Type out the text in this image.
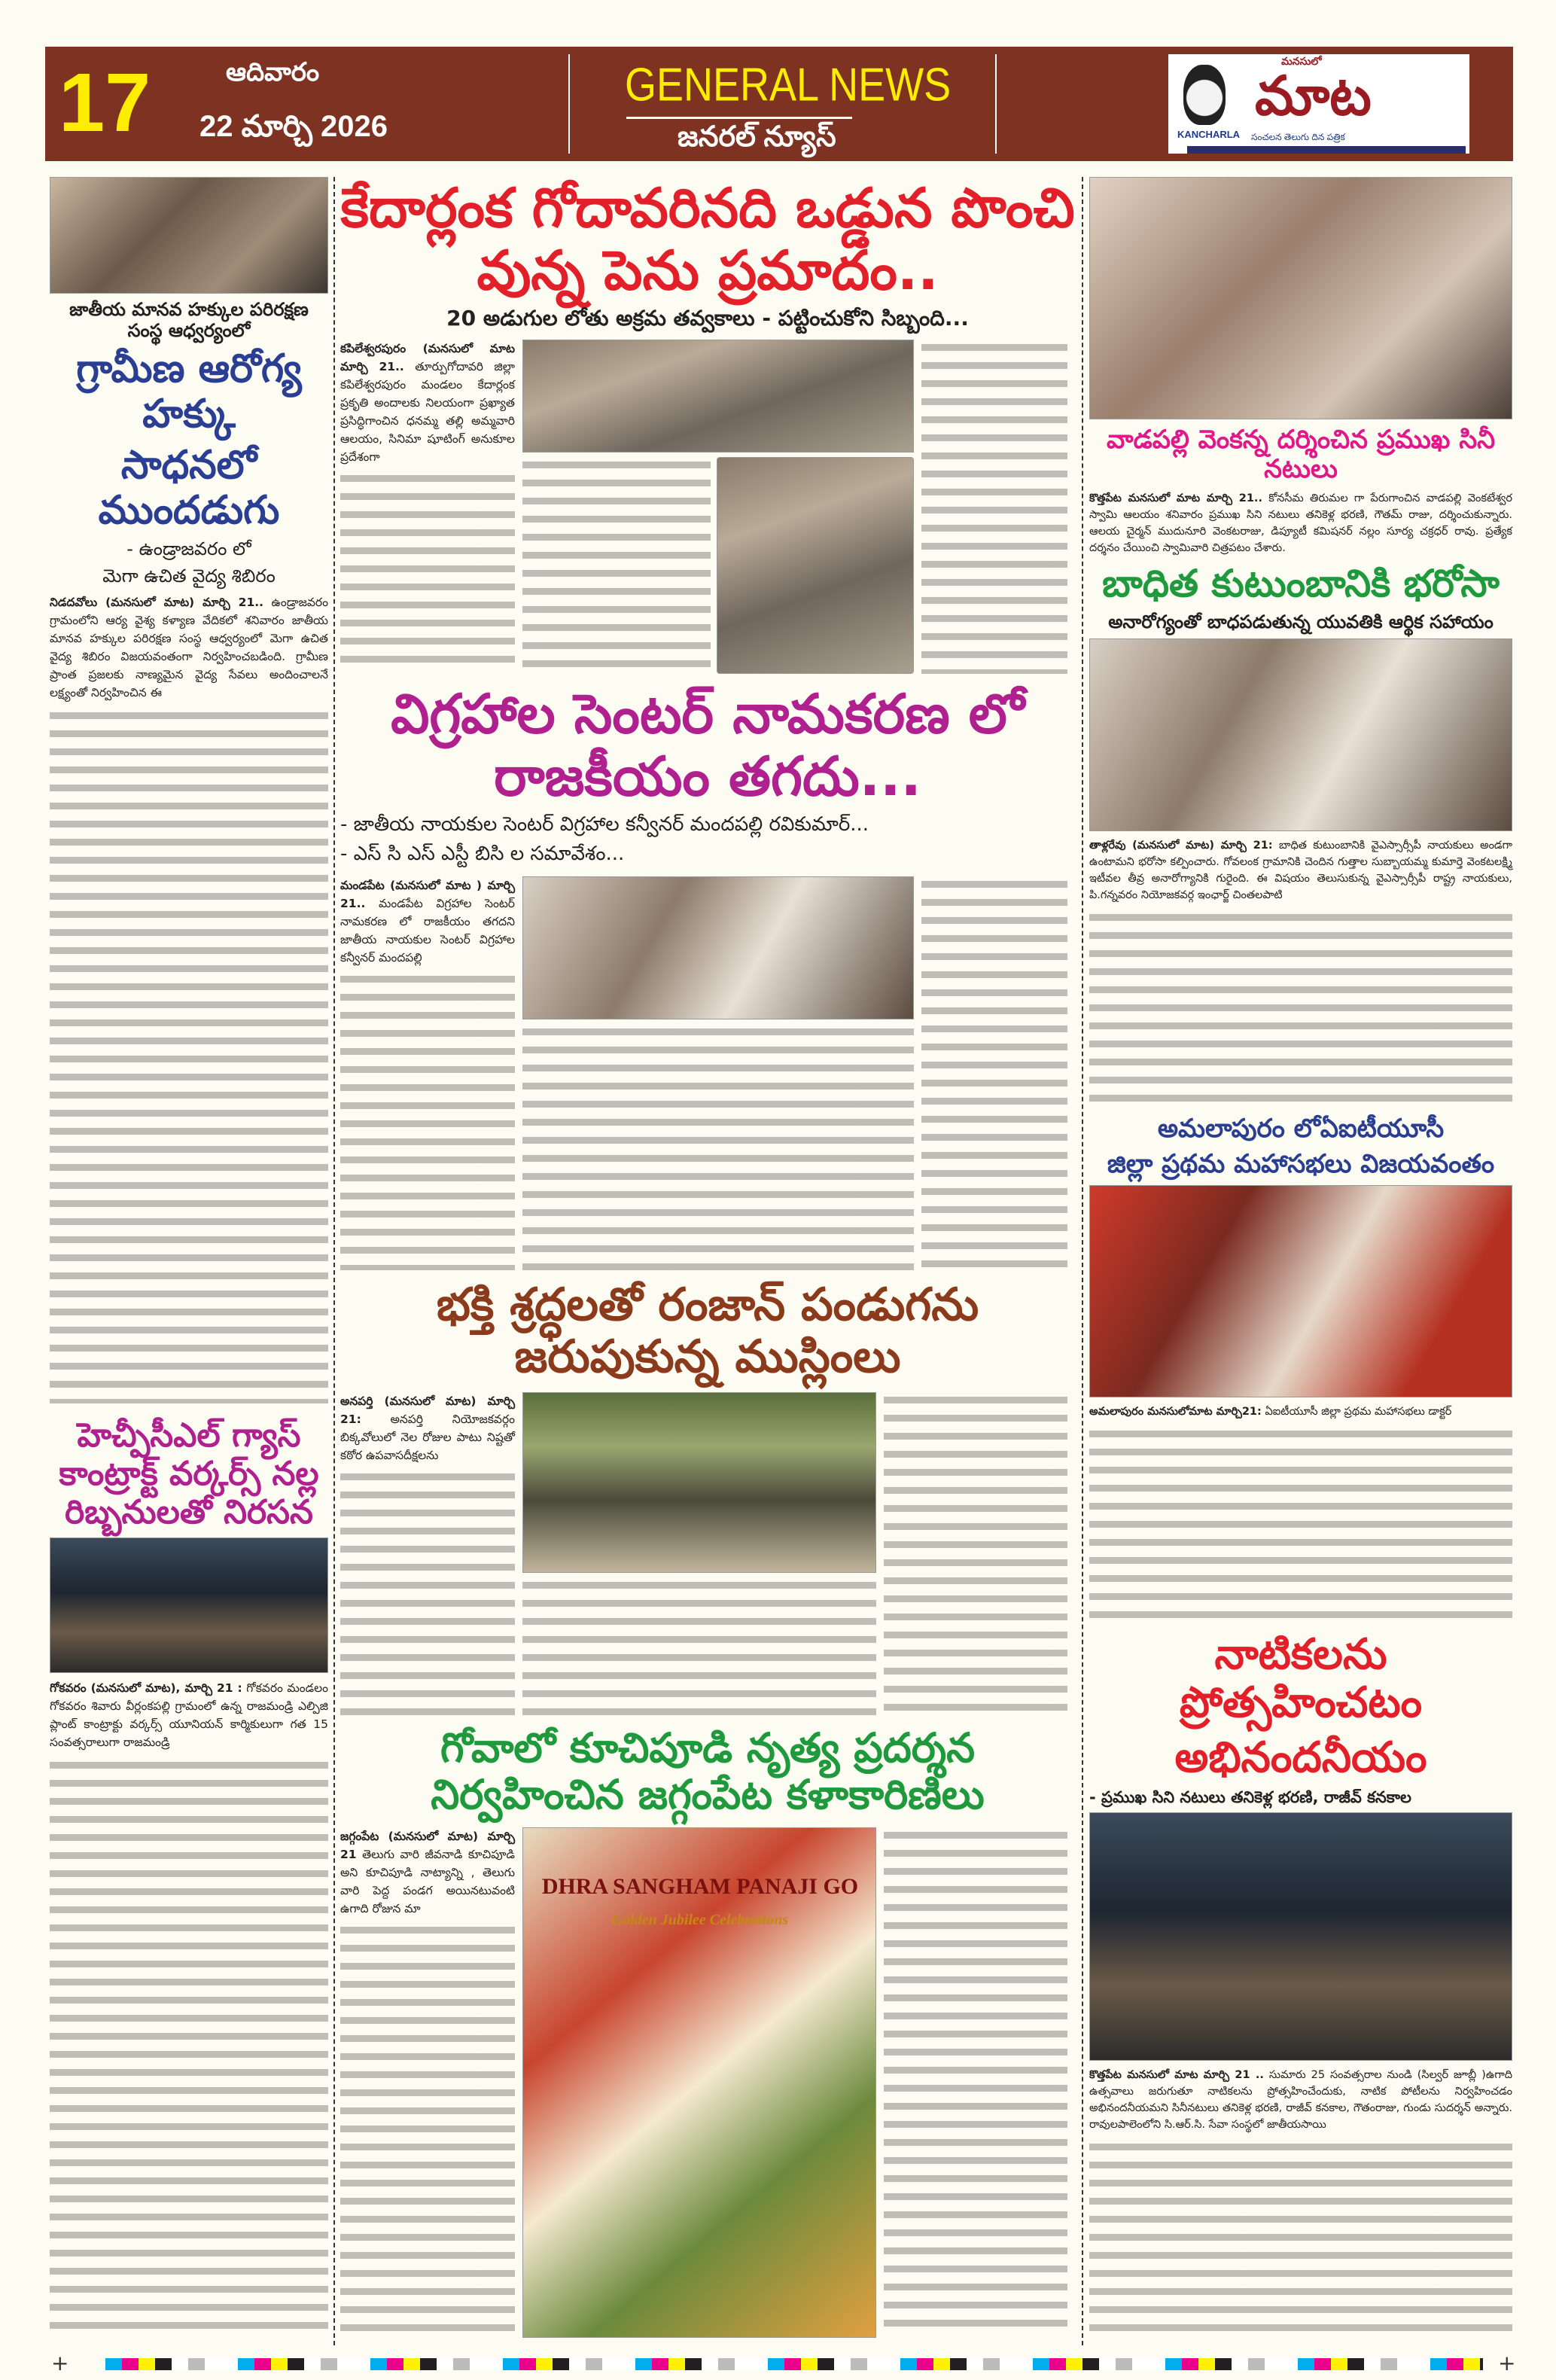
17	ఆదివారం
22 మార్చి 2026
GENERAL NEWS
జనరల్ న్యూస్	KANCHARLA
మనసులో
మాట
సంచలన తెలుగు దిన పత్రిక
జాతీయ మానవ హక్కుల పరిరక్షణ సంస్థ ఆధ్వర్యంలో
గ్రామీణ ఆరోగ్య హక్కు
సాధనలో ముందడుగు
- ఉండ్రాజవరం లో
మెగా ఉచిత వైద్య శిబిరం
నిడదవోలు (మనసులో మాట) మార్చి 21.. ఉండ్రాజవరం గ్రామంలోని ఆర్య వైశ్య కళ్యాణ వేదికలో శనివారం జాతీయ మానవ హక్కుల పరిరక్షణ సంస్థ ఆధ్వర్యంలో మెగా ఉచిత వైద్య శిబిరం విజయవంతంగా నిర్వహించబడింది. గ్రామీణ ప్రాంత ప్రజలకు నాణ్యమైన వైద్య సేవలు అందించాలనే లక్ష్యంతో నిర్వహించిన ఈ
హెచ్పీసీఎల్ గ్యాస్ కాంట్రాక్ట్ వర్కర్స్ నల్ల రిబ్బనులతో నిరసన
గోకవరం (మనసులో మాట), మార్చి 21 : గోకవరం మండలం గోకవరం శివారు వీర్లంకపల్లి గ్రామంలో ఉన్న రాజమండ్రి ఎల్పిజి ప్లాంట్ కాంట్రాక్టు వర్కర్స్ యూనియన్ కార్మికులుగా గత 15 సంవత్సరాలుగా రాజమండ్రి
కేదార్లంక గోదావరినది ఒడ్డున పొంచి వున్న పెను ప్రమాదం..
20 అడుగుల లోతు అక్రమ తవ్వకాలు - పట్టించుకోని సిబ్బంది...
కపిలేశ్వరపురం (మనసులో మాట మార్చి 21.. తూర్పుగోదావరి జిల్లా కపిలేశ్వరపురం మండలం కేదార్లంక ప్రకృతి అందాలకు నిలయంగా ప్రఖ్యాత ప్రసిద్ధిగాంచిన ధనమ్మ తల్లి అమ్మవారి ఆలయం, సినిమా షూటింగ్ అనుకూల ప్రదేశంగా
విగ్రహాల సెంటర్ నామకరణ లో రాజకీయం తగదు...
- జాతీయ నాయకుల సెంటర్ విగ్రహాల కన్వీనర్ మందపల్లి రవికుమార్...
- ఎస్ సి ఎస్ ఎస్టీ బిసి ల సమావేశం...
మండపేట (మనసులో మాట ) మార్చి 21.. మండపేట విగ్రహాల సెంటర్ నామకరణ లో రాజకీయం తగదని జాతీయ నాయకుల సెంటర్ విగ్రహాల కన్వీనర్ మందపల్లి
భక్తి శ్రద్ధలతో రంజాన్ పండుగను జరుపుకున్న ముస్లింలు
అనపర్తి (మనసులో మాట) మార్చి 21: అనపర్తి నియోజకవర్గం బిక్కవోలులో నెల రోజుల పాటు నిష్టతో కఠోర ఉపవాసదీక్షలను
గోవాలో కూచిపూడి నృత్య ప్రదర్శన నిర్వహించిన జగ్గంపేట కళాకారిణిలు
జగ్గంపేట (మనసులో మాట) మార్చి 21 తెలుగు వారి జీవనాడి కూచిపూడి అని కూచిపూడి నాట్యాన్ని , తెలుగు వారి పెద్ద పండగ అయినటువంటి ఉగాది రోజున మా
DHRA SANGHAM PANAJI GO
Golden Jubilee Celebrations
వాడపల్లి వెంకన్న దర్శించిన ప్రముఖ సినీ నటులు
కొత్తపేట మనసులో మాట మార్చి 21.. కోనసీమ తిరుమల గా పేరుగాంచిన వాడపల్లి వెంకటేశ్వర స్వామి ఆలయం శనివారం ప్రముఖ సిని నటులు తనికెళ్ల భరణి, గౌతమ్ రాజు, దర్శించుకున్నారు. ఆలయ చైర్మన్ ముదునూరి వెంకటరాజు, డిప్యూటీ కమిషనర్ నల్లం సూర్య చక్రధర్ రావు. ప్రత్యేక దర్శనం చేయించి స్వామివారి చిత్రపటం చేశారు.
బాధిత కుటుంబానికి భరోసా
అనారోగ్యంతో బాధపడుతున్న యువతికి ఆర్థిక సహాయం
తాళ్లరేవు (మనసులో మాట) మార్చి 21: బాధిత కుటుంబానికి వైఎస్సార్సీపీ నాయకులు అండగా ఉంటామని భరోసా కల్పించారు. గోవలంక గ్రామానికి చెందిన గుత్తాల సుబ్బాయమ్మ కుమార్తె వెంకటలక్ష్మి ఇటీవల తీవ్ర అనారోగ్యానికి గురైంది. ఈ విషయం తెలుసుకున్న వైఎస్సార్సీపీ రాష్ట్ర నాయకులు, పి.గన్నవరం నియోజకవర్గ ఇంఛార్జ్ చింతలపాటి
అమలాపురం లోఏఐటీయూసీ
జిల్లా ప్రథమ మహాసభలు విజయవంతం
అమలాపురం మనసులోమాట మార్చి21: ఏఐటీయూసీ జిల్లా ప్రథమ మహాసభలు డాక్టర్
నాటికలను ప్రోత్సహించటం
అభినందనీయం
- ప్రముఖ సిని నటులు తనికెళ్ల భరణి, రాజీవ్ కనకాల
కొత్తపేట మనసులో మాట మార్చి 21 .. సుమారు 25 సంవత్సరాల నుండి (సిల్వర్ జూబ్లీ )ఉగాది ఉత్సవాలు జరుగుతూ నాటికలను ప్రోత్సహించేందుకు, నాటిక పోటీలను నిర్వహించడం అభినందనీయమని సినీనటులు తనికెళ్ల భరణి, రాజీవ్ కనకాల, గౌతంరాజు, గుండు సుదర్శన్ అన్నారు. రావులపాలెంలోని సి.ఆర్.సి. సేవా సంస్థలో జాతీయసాయి
+	+
